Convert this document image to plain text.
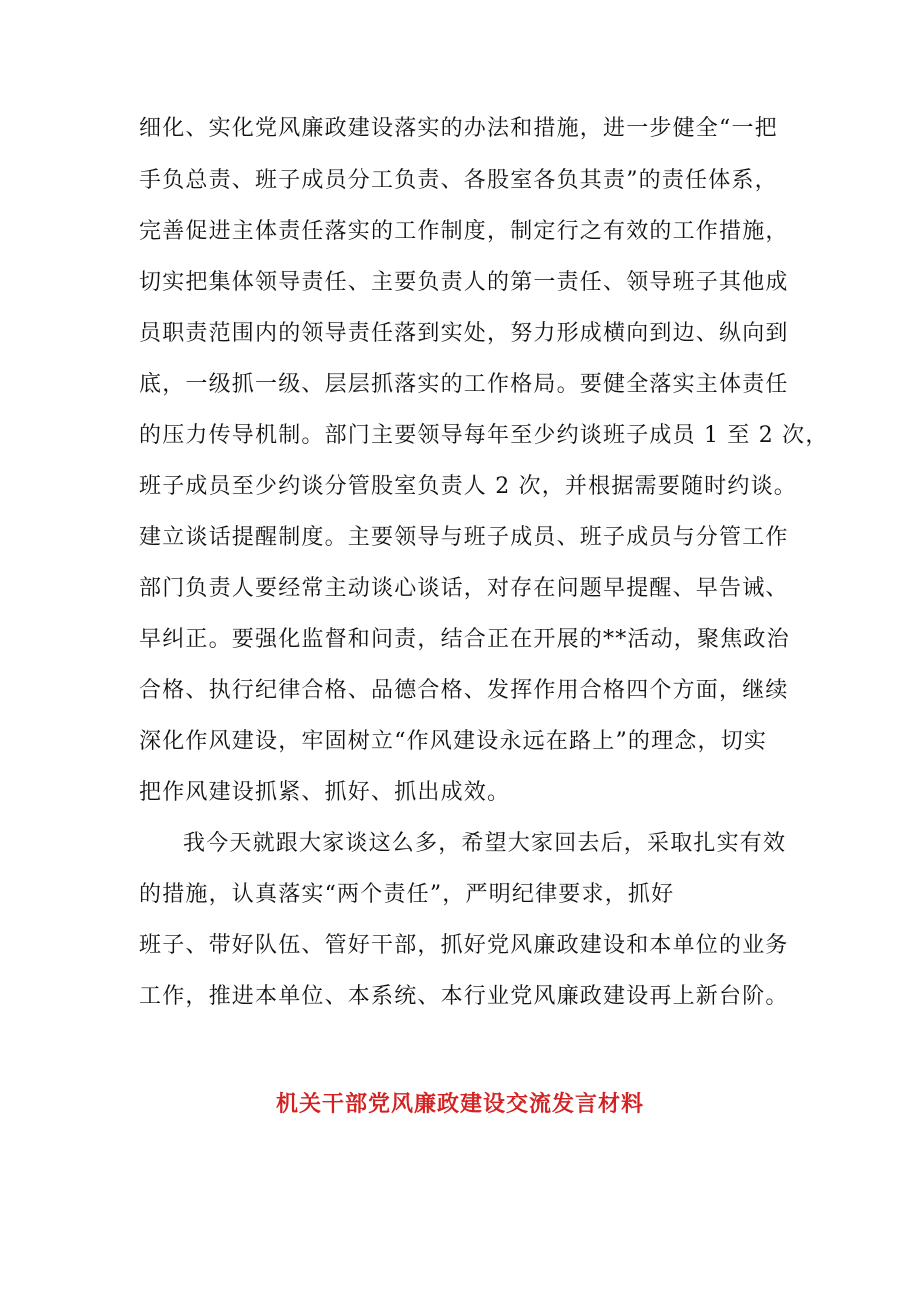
细化、实化党风廉政建设落实的办法和措施，进一步健全“一把
手负总责、班子成员分工负责、各股室各负其责”的责任体系，
完善促进主体责任落实的工作制度，制定行之有效的工作措施，
切实把集体领导责任、主要负责人的第一责任、领导班子其他成
员职责范围内的领导责任落到实处，努力形成横向到边、纵向到
底，一级抓一级、层层抓落实的工作格局。要健全落实主体责任
的压力传导机制。部门主要领导每年至少约谈班子成员 1 至 2 次，
班子成员至少约谈分管股室负责人 2 次，并根据需要随时约谈。
建立谈话提醒制度。主要领导与班子成员、班子成员与分管工作
部门负责人要经常主动谈心谈话，对存在问题早提醒、早告诫、
早纠正。要强化监督和问责，结合正在开展的**活动，聚焦政治
合格、执行纪律合格、品德合格、发挥作用合格四个方面，继续
深化作风建设，牢固树立“作风建设永远在路上”的理念，切实
把作风建设抓紧、抓好、抓出成效。
我今天就跟大家谈这么多，希望大家回去后，采取扎实有效
的措施，认真落实“两个责任”，严明纪律要求，抓好
班子、带好队伍、管好干部，抓好党风廉政建设和本单位的业务
工作，推进本单位、本系统、本行业党风廉政建设再上新台阶。
机关干部党风廉政建设交流发言材料
